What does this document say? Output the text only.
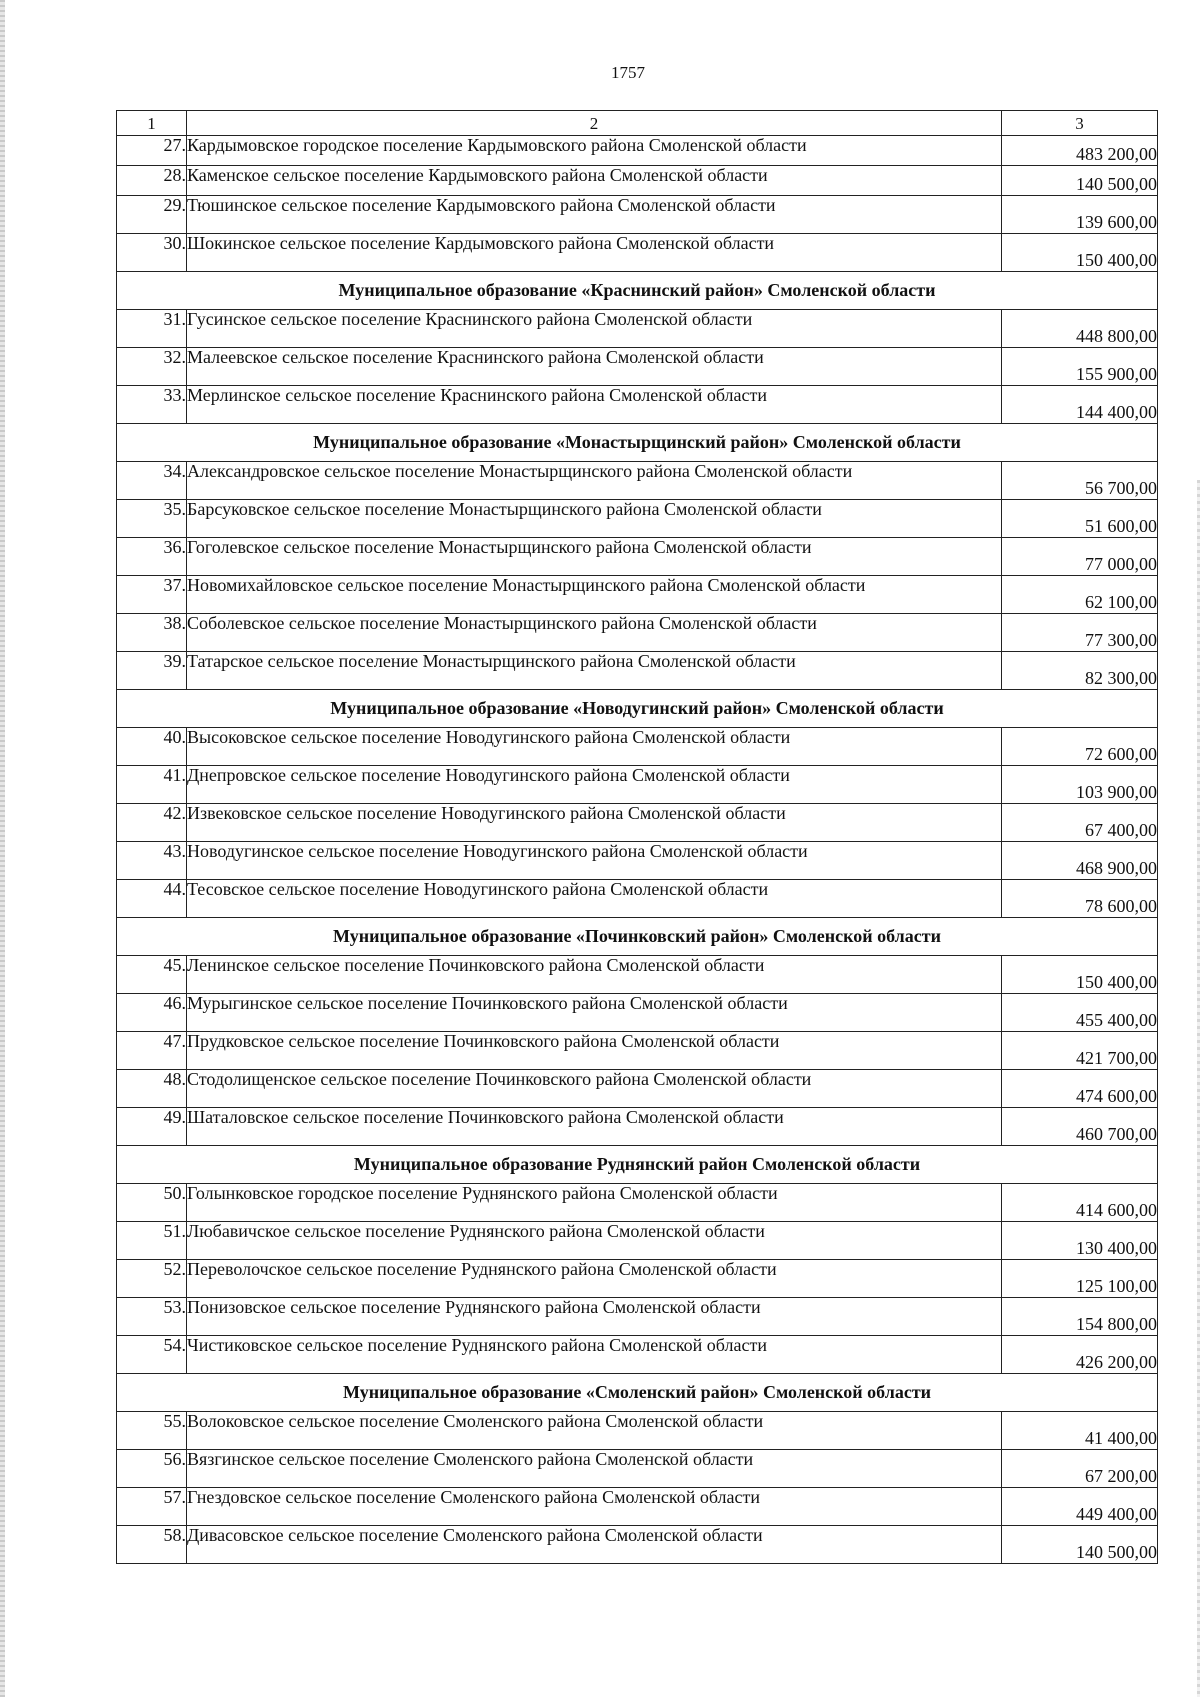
1757
1	2	3
27.	Кардымовское городское поселение Кардымовского района Смоленской области	483 200,00
28.	Каменское сельское поселение Кардымовского района Смоленской области	140 500,00
29.	Тюшинское сельское поселение Кардымовского района Смоленской области	139 600,00
30.	Шокинское сельское поселение Кардымовского района Смоленской области	150 400,00
Муниципальное образование «Краснинский район» Смоленской области		
31.	Гусинское сельское поселение Краснинского района Смоленской области	448 800,00
32.	Малеевское сельское поселение Краснинского района Смоленской области	155 900,00
33.	Мерлинское сельское поселение Краснинского района Смоленской области	144 400,00
Муниципальное образование «Монастырщинский район» Смоленской области		
34.	Александровское сельское поселение Монастырщинского района Смоленской области	56 700,00
35.	Барсуковское сельское поселение Монастырщинского района Смоленской области	51 600,00
36.	Гоголевское сельское поселение Монастырщинского района Смоленской области	77 000,00
37.	Новомихайловское сельское поселение Монастырщинского района Смоленской области	62 100,00
38.	Соболевское сельское поселение Монастырщинского района Смоленской области	77 300,00
39.	Татарское сельское поселение Монастырщинского района Смоленской области	82 300,00
Муниципальное образование «Новодугинский район» Смоленской области		
40.	Высоковское сельское поселение Новодугинского района Смоленской области	72 600,00
41.	Днепровское сельское поселение Новодугинского района Смоленской области	103 900,00
42.	Извековское сельское поселение Новодугинского района Смоленской области	67 400,00
43.	Новодугинское сельское поселение Новодугинского района Смоленской области	468 900,00
44.	Тесовское сельское поселение Новодугинского района Смоленской области	78 600,00
Муниципальное образование «Починковский район» Смоленской области		
45.	Ленинское сельское поселение Починковского района Смоленской области	150 400,00
46.	Мурыгинское сельское поселение Починковского района Смоленской области	455 400,00
47.	Прудковское сельское поселение Починковского района Смоленской области	421 700,00
48.	Стодолищенское сельское поселение Починковского района Смоленской области	474 600,00
49.	Шаталовское сельское поселение Починковского района Смоленской области	460 700,00
Муниципальное образование Руднянский район Смоленской области		
50.	Голынковское городское поселение Руднянского района Смоленской области	414 600,00
51.	Любавичское сельское поселение Руднянского района Смоленской области	130 400,00
52.	Переволочское сельское поселение Руднянского района Смоленской области	125 100,00
53.	Понизовское сельское поселение Руднянского района Смоленской области	154 800,00
54.	Чистиковское сельское поселение Руднянского района Смоленской области	426 200,00
Муниципальное образование «Смоленский район» Смоленской области		
55.	Волоковское сельское поселение Смоленского района Смоленской области	41 400,00
56.	Вязгинское сельское поселение Смоленского района Смоленской области	67 200,00
57.	Гнездовское сельское поселение Смоленского района Смоленской области	449 400,00
58.	Дивасовское сельское поселение Смоленского района Смоленской области	140 500,00
